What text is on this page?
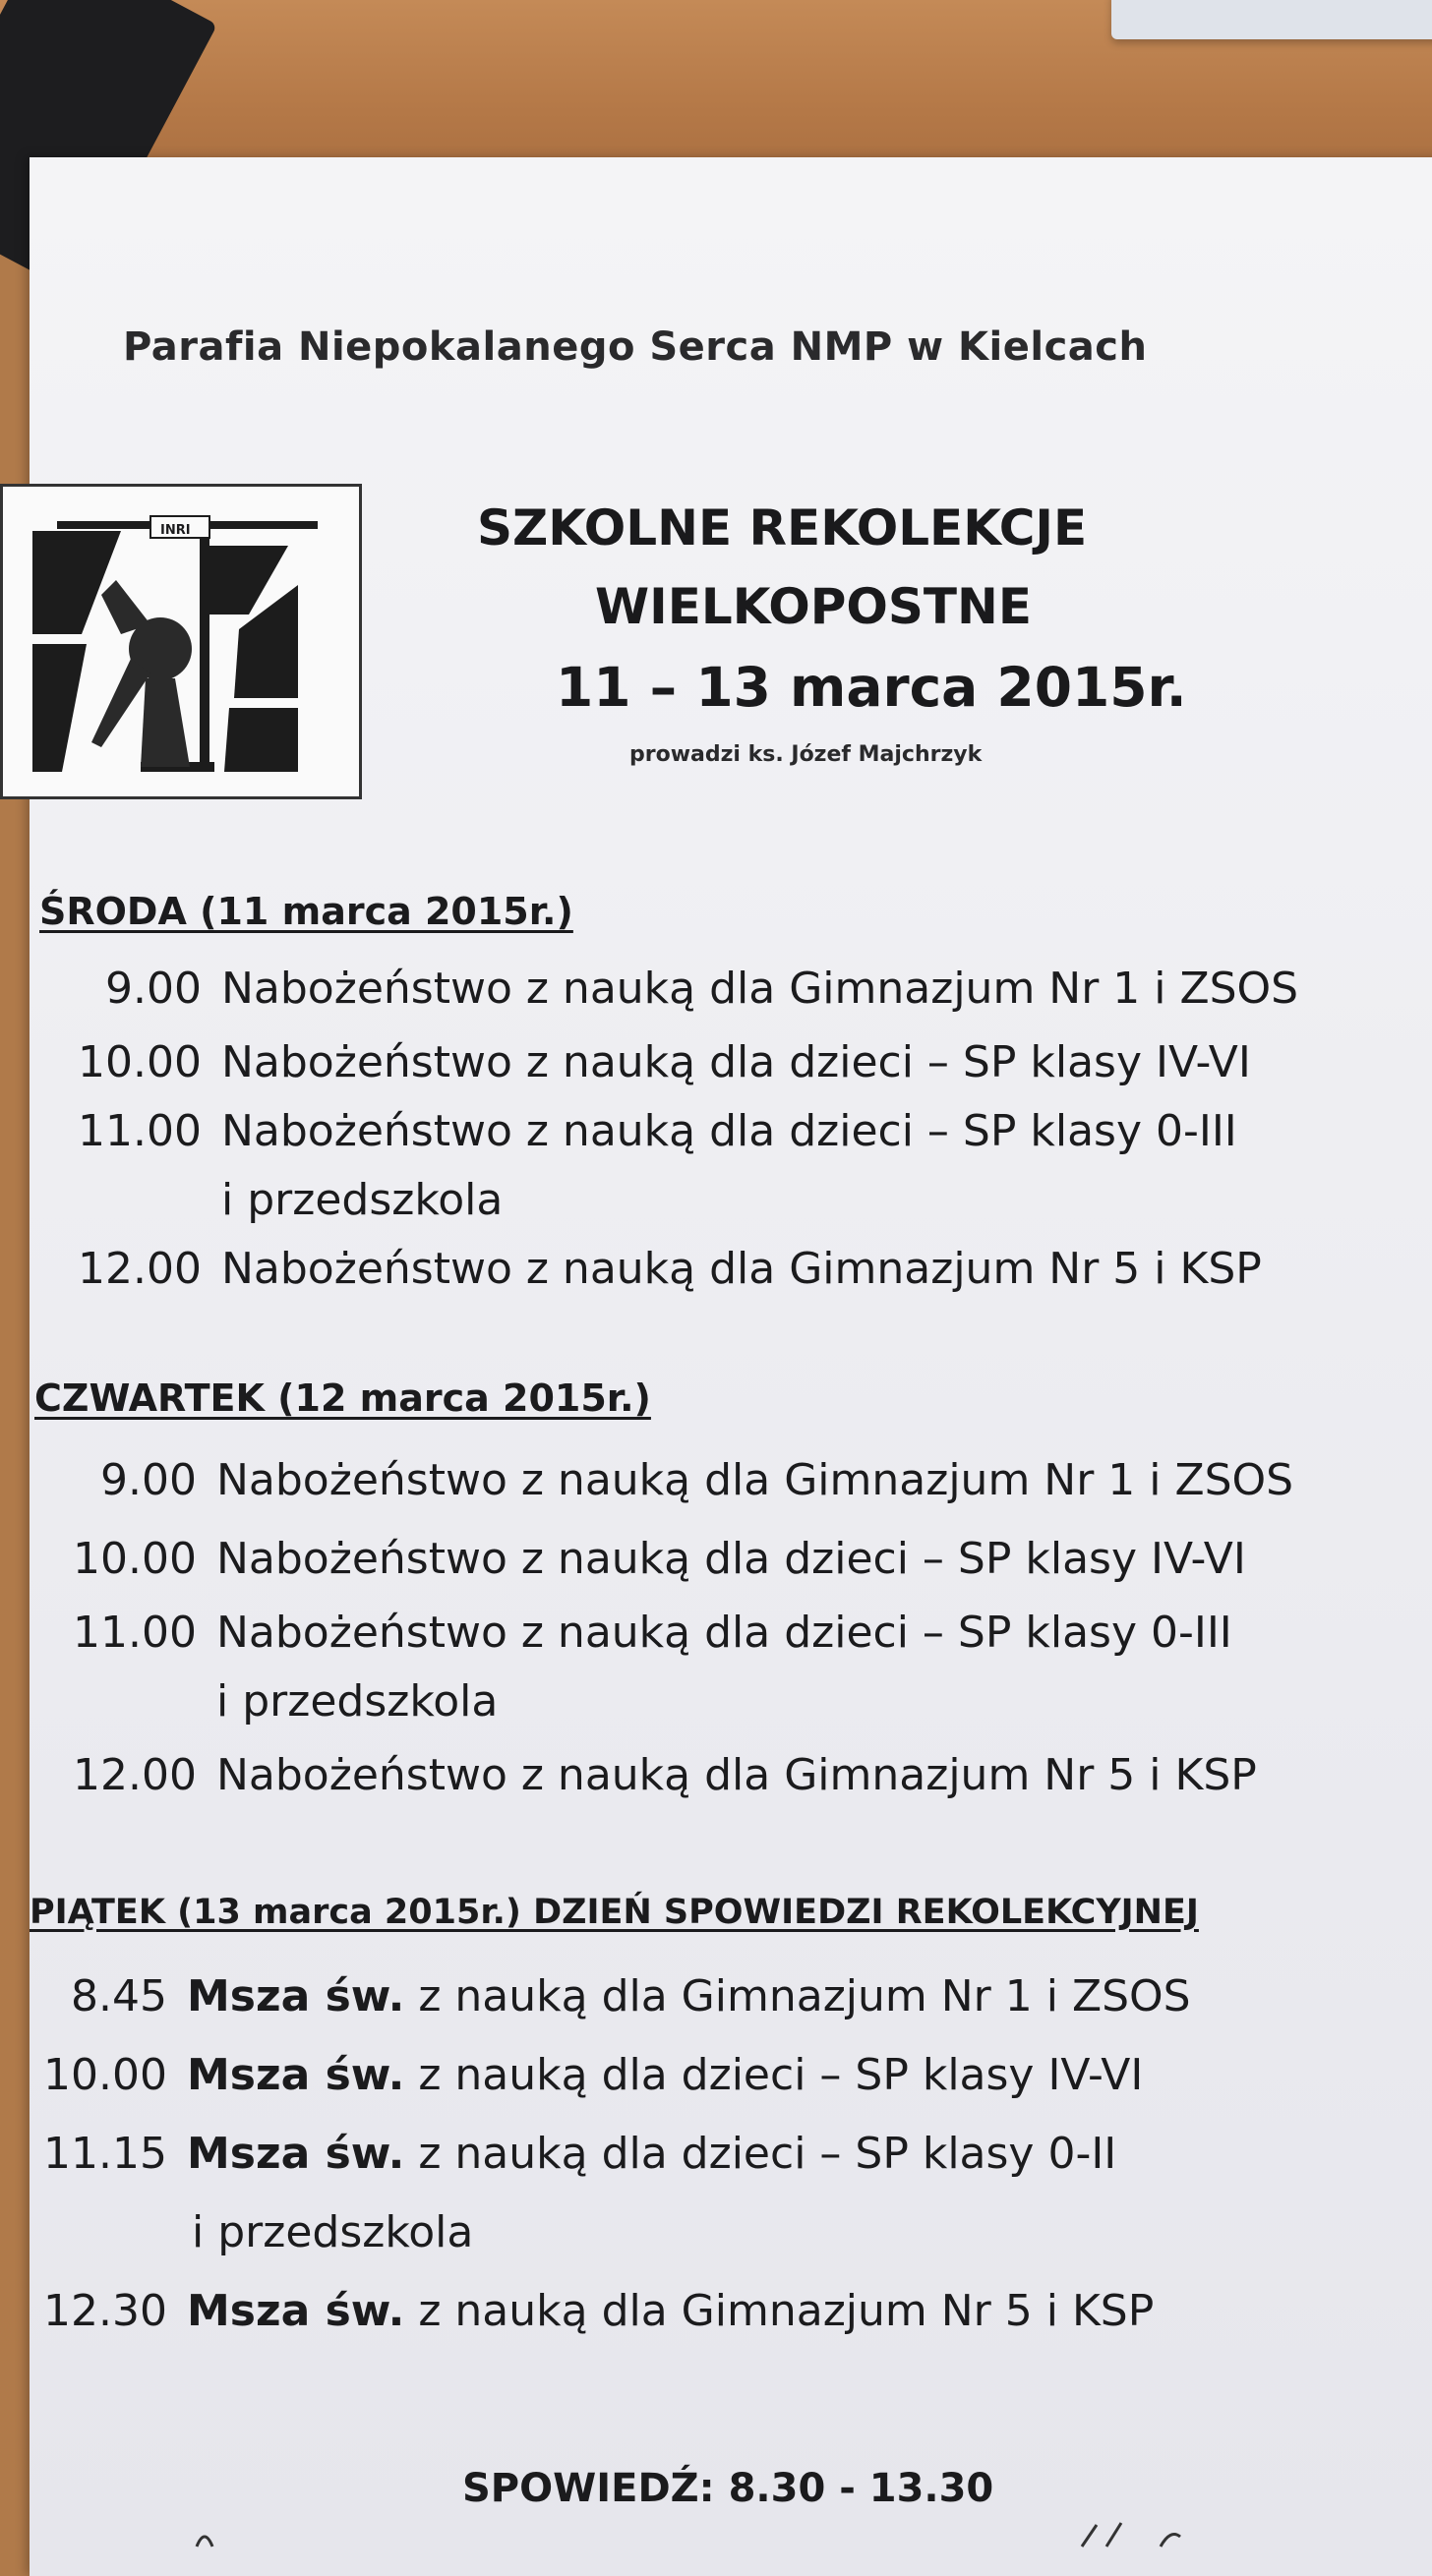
Parafia Niepokalanego Serca NMP w Kielcach
INRI	SZKOLNE REKOLEKCJE
WIELKOPOSTNE
11 – 13 marca 2015r.
prowadzi ks. Józef Majchrzyk
ŚRODA (11 marca 2015r.)
9.00 Nabożeństwo z nauką dla Gimnazjum Nr 1 i ZSOS
10.00 Nabożeństwo z nauką dla dzieci – SP klasy IV-VI
11.00 Nabożeństwo z nauką dla dzieci – SP klasy 0-III
i przedszkola
12.00 Nabożeństwo z nauką dla Gimnazjum Nr 5 i KSP
CZWARTEK (12 marca 2015r.)
9.00 Nabożeństwo z nauką dla Gimnazjum Nr 1 i ZSOS
10.00 Nabożeństwo z nauką dla dzieci – SP klasy IV-VI
11.00 Nabożeństwo z nauką dla dzieci – SP klasy 0-III
i przedszkola
12.00 Nabożeństwo z nauką dla Gimnazjum Nr 5 i KSP
PIĄTEK (13 marca 2015r.) DZIEŃ SPOWIEDZI REKOLEKCYJNEJ
8.45 Msza św. z nauką dla Gimnazjum Nr 1 i ZSOS
10.00 Msza św. z nauką dla dzieci – SP klasy IV-VI
11.15 Msza św. z nauką dla dzieci – SP klasy 0-II
i przedszkola
12.30 Msza św. z nauką dla Gimnazjum Nr 5 i KSP
SPOWIEDŹ: 8.30 - 13.30
